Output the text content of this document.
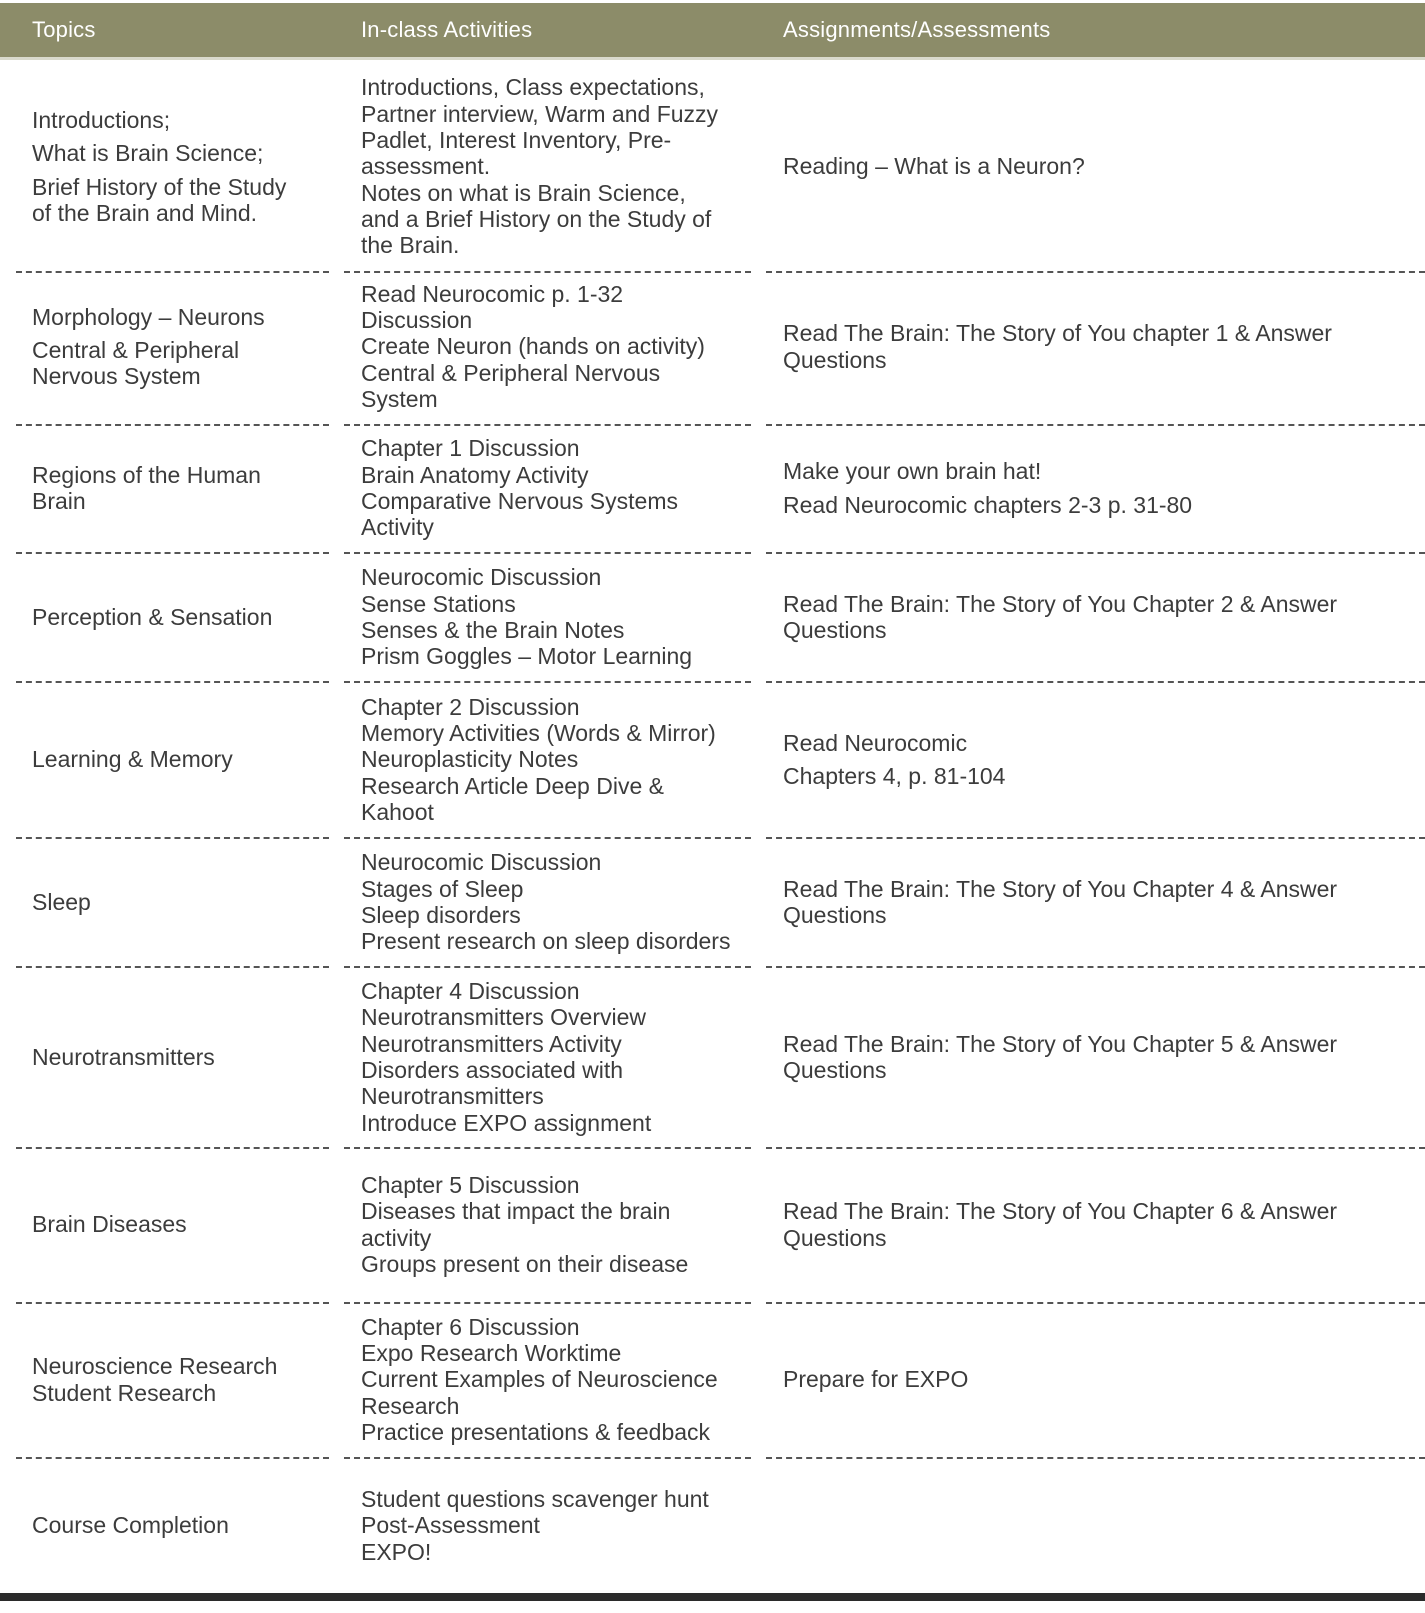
Topics	In-class Activities	Assignments/Assessments
Introductions;
What is Brain Science;
Brief History of the Study
of the Brain and Mind.
Introductions, Class expectations,
Partner interview, Warm and Fuzzy
Padlet, Interest Inventory, Pre-
assessment.
Notes on what is Brain Science,
and a Brief History on the Study of
the Brain.
Reading – What is a Neuron?
Morphology – Neurons
Central & Peripheral
Nervous System
Read Neurocomic p. 1-32
Discussion
Create Neuron (hands on activity)
Central & Peripheral Nervous
System
Read The Brain: The Story of You chapter 1 & Answer
Questions
Regions of the Human
Brain
Chapter 1 Discussion
Brain Anatomy Activity
Comparative Nervous Systems
Activity
Make your own brain hat!
Read Neurocomic chapters 2-3 p. 31-80
Perception & Sensation
Neurocomic Discussion
Sense Stations
Senses & the Brain Notes
Prism Goggles – Motor Learning
Read The Brain: The Story of You Chapter 2 & Answer
Questions
Learning & Memory
Chapter 2 Discussion
Memory Activities (Words & Mirror)
Neuroplasticity Notes
Research Article Deep Dive &
Kahoot
Read Neurocomic
Chapters 4, p. 81-104
Sleep
Neurocomic Discussion
Stages of Sleep
Sleep disorders
Present research on sleep disorders
Read The Brain: The Story of You Chapter 4 & Answer
Questions
Neurotransmitters
Chapter 4 Discussion
Neurotransmitters Overview
Neurotransmitters Activity
Disorders associated with
Neurotransmitters
Introduce EXPO assignment
Read The Brain: The Story of You Chapter 5 & Answer
Questions
Brain Diseases
Chapter 5 Discussion
Diseases that impact the brain
activity
Groups present on their disease
Read The Brain: The Story of You Chapter 6 & Answer
Questions
Neuroscience Research
Student Research
Chapter 6 Discussion
Expo Research Worktime
Current Examples of Neuroscience
Research
Practice presentations & feedback
Prepare for EXPO
Course Completion
Student questions scavenger hunt
Post-Assessment
EXPO!
